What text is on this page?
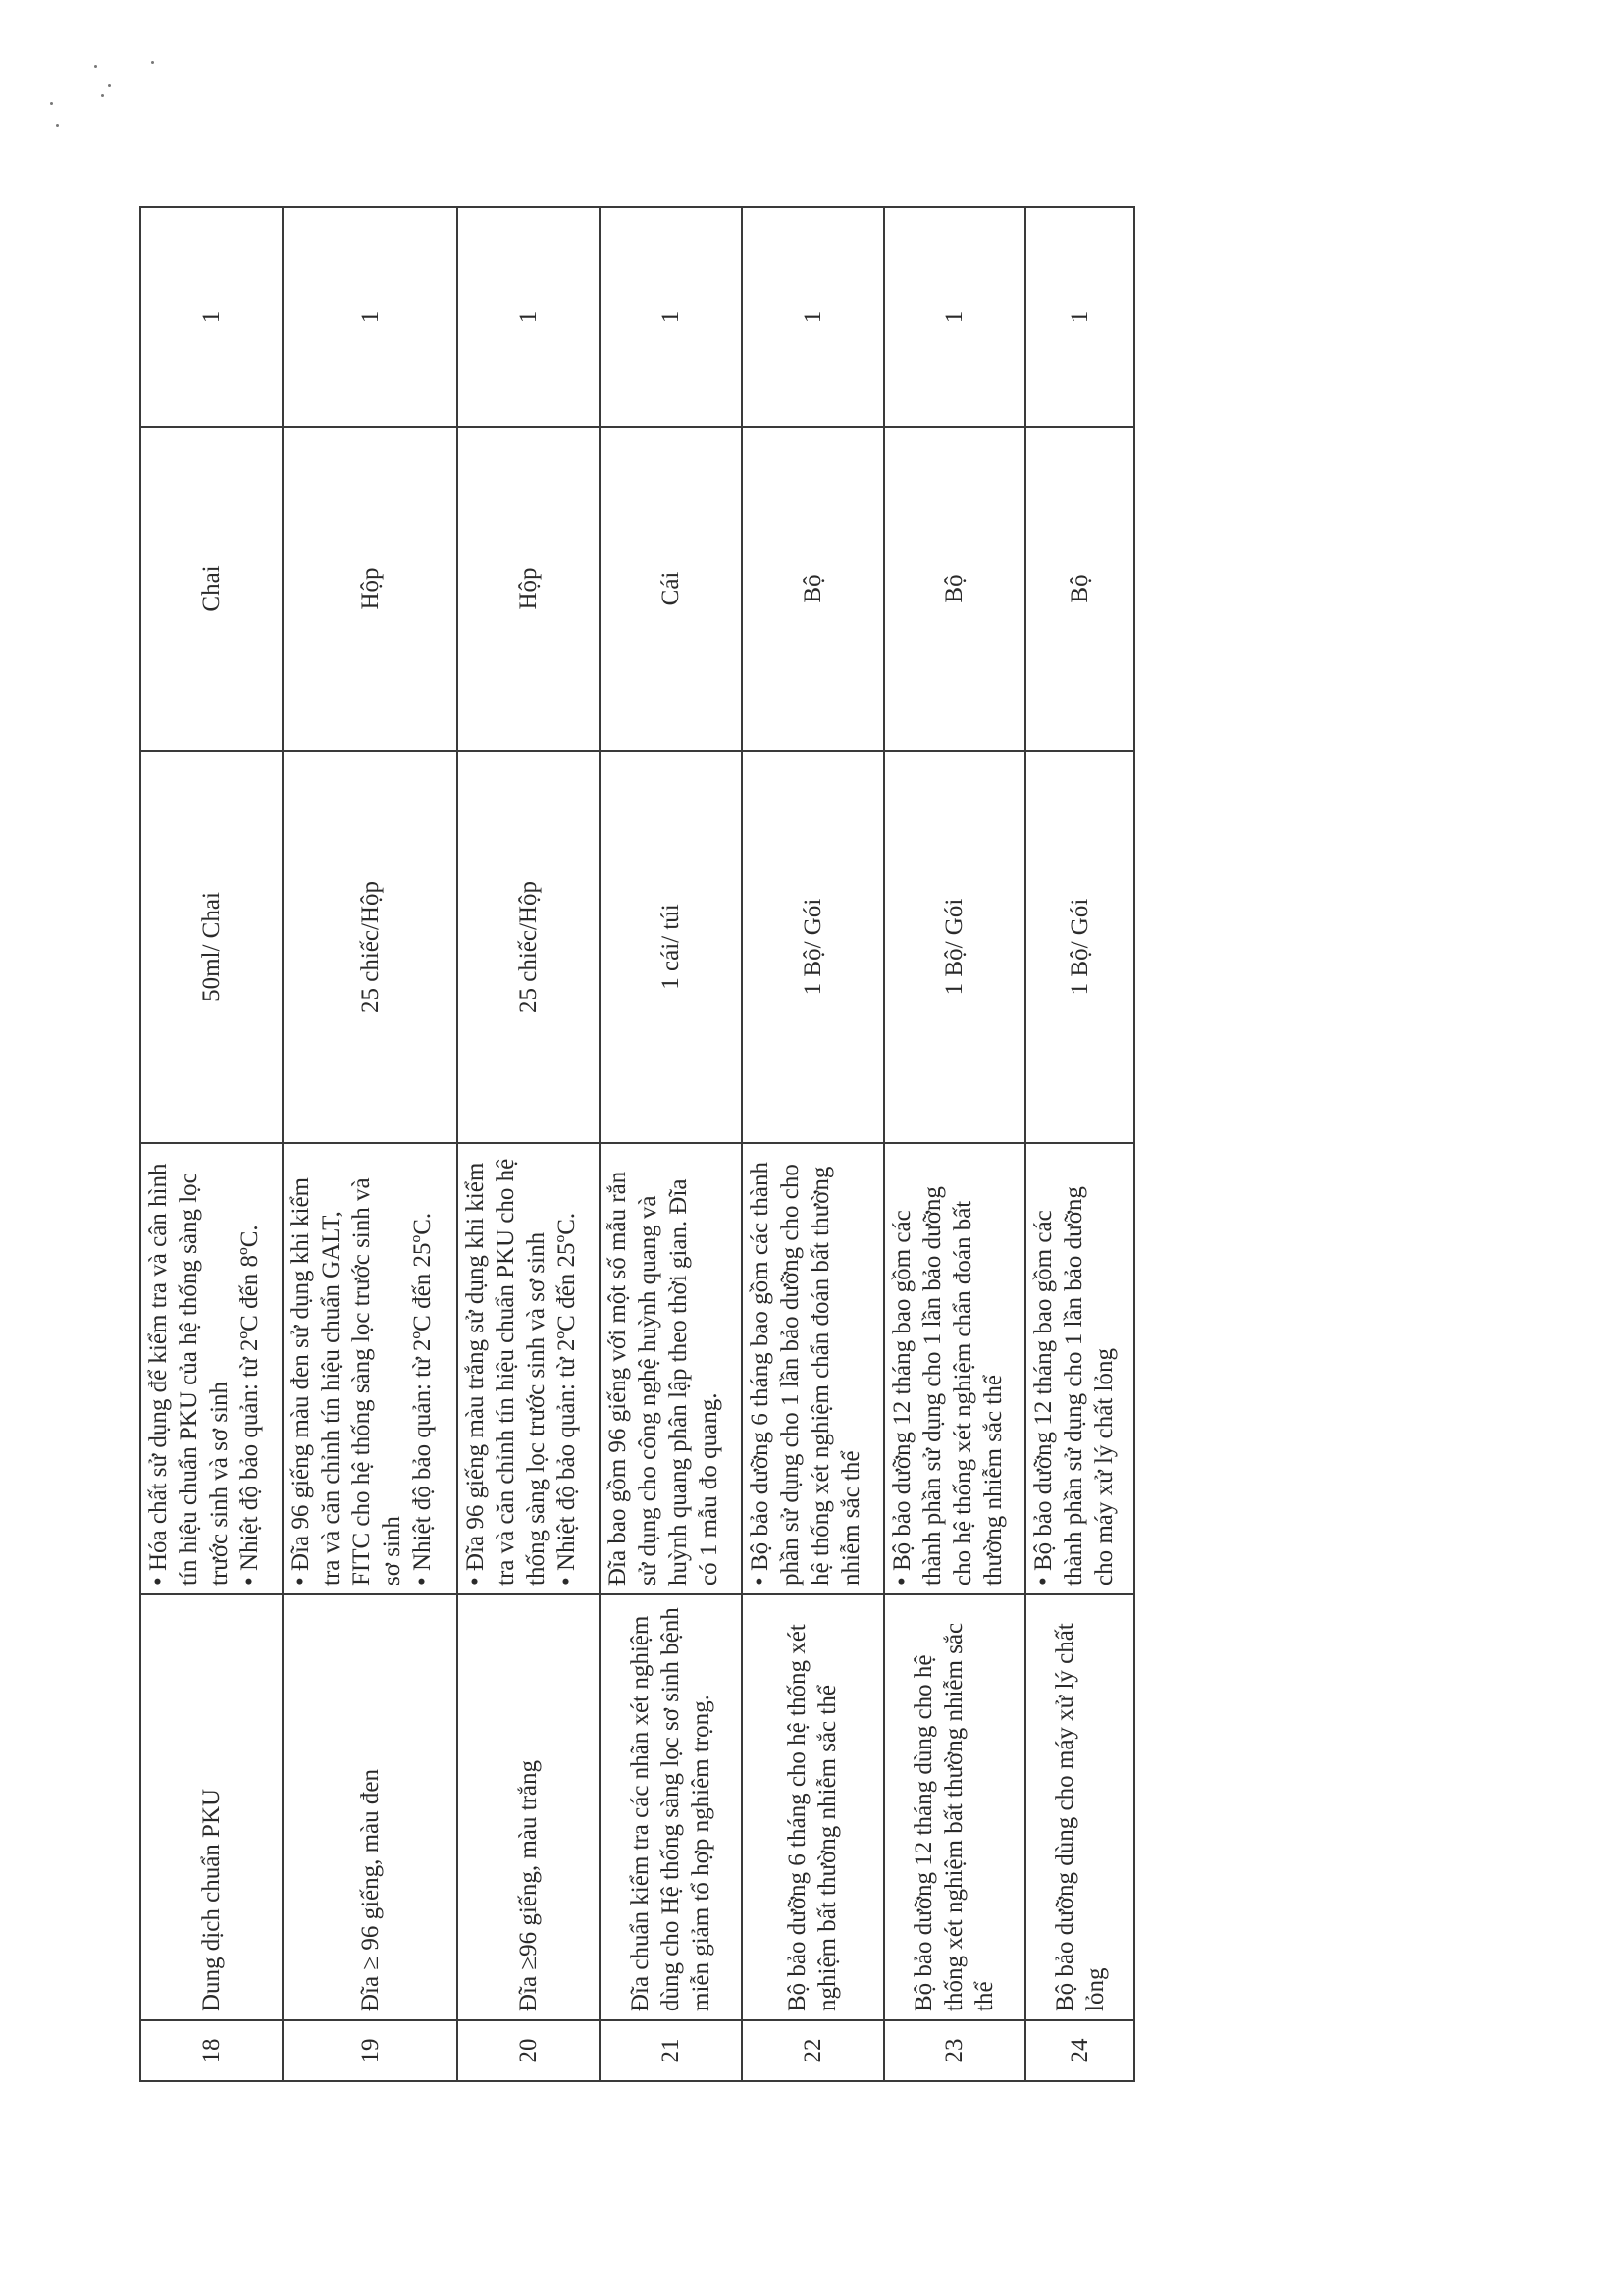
18	Dung dịch chuẩn PKU	• Hóa chất sử dụng để kiểm tra và cân hình tín hiệu chuẩn PKU của hệ thống sàng lọc trước sinh và sơ sinh • Nhiệt độ bảo quản: từ 2ºC đến 8ºC.	50ml/ Chai	Chai	1
19	Đĩa ≥ 96 giếng, màu đen	• Đĩa 96 giếng màu đen sử dụng khi kiểm tra và căn chỉnh tín hiệu chuẩn GALT, FITC cho hệ thống sàng lọc trước sinh và sơ sinh • Nhiệt độ bảo quản: từ 2ºC đến 25ºC.	25 chiếc/Hộp	Hộp	1
20	Đĩa ≥96 giếng, màu trắng	• Đĩa 96 giếng màu trắng sử dụng khi kiểm tra và căn chỉnh tín hiệu chuẩn PKU cho hệ thống sàng lọc trước sinh và sơ sinh • Nhiệt độ bảo quản: từ 2ºC đến 25ºC.	25 chiếc/Hộp	Hộp	1
21	Đĩa chuẩn kiểm tra các nhãn xét nghiệm dùng cho Hệ thống sàng lọc sơ sinh bệnh miễn giảm tổ hợp nghiêm trọng.	Đĩa bao gồm 96 giếng với một số mẫu rắn sử dụng cho công nghệ huỳnh quang và huỳnh quang phân lập theo thời gian. Đĩa có 1 mẫu đo quang.	1 cái/ túi	Cái	1
22	Bộ bảo dưỡng 6 tháng cho hệ thống xét nghiệm bất thường nhiễm sắc thể	• Bộ bảo dưỡng 6 tháng bao gồm các thành phần sử dụng cho 1 lần bảo dưỡng cho cho hệ thống xét nghiệm chẩn đoán bất thường nhiễm sắc thể	1 Bộ/ Gói	Bộ	1
23	Bộ bảo dưỡng 12 tháng dùng cho hệ thống xét nghiệm bất thường nhiễm sắc thể	• Bộ bảo dưỡng 12 tháng bao gồm các thành phần sử dụng cho 1 lần bảo dưỡng cho hệ thống xét nghiệm chẩn đoán bất thường nhiễm sắc thể	1 Bộ/ Gói	Bộ	1
24	Bộ bảo dưỡng dùng cho máy xử lý chất lỏng	• Bộ bảo dưỡng 12 tháng bao gồm các thành phần sử dụng cho 1 lần bảo dưỡng cho máy xử lý chất lỏng	1 Bộ/ Gói	Bộ	1
